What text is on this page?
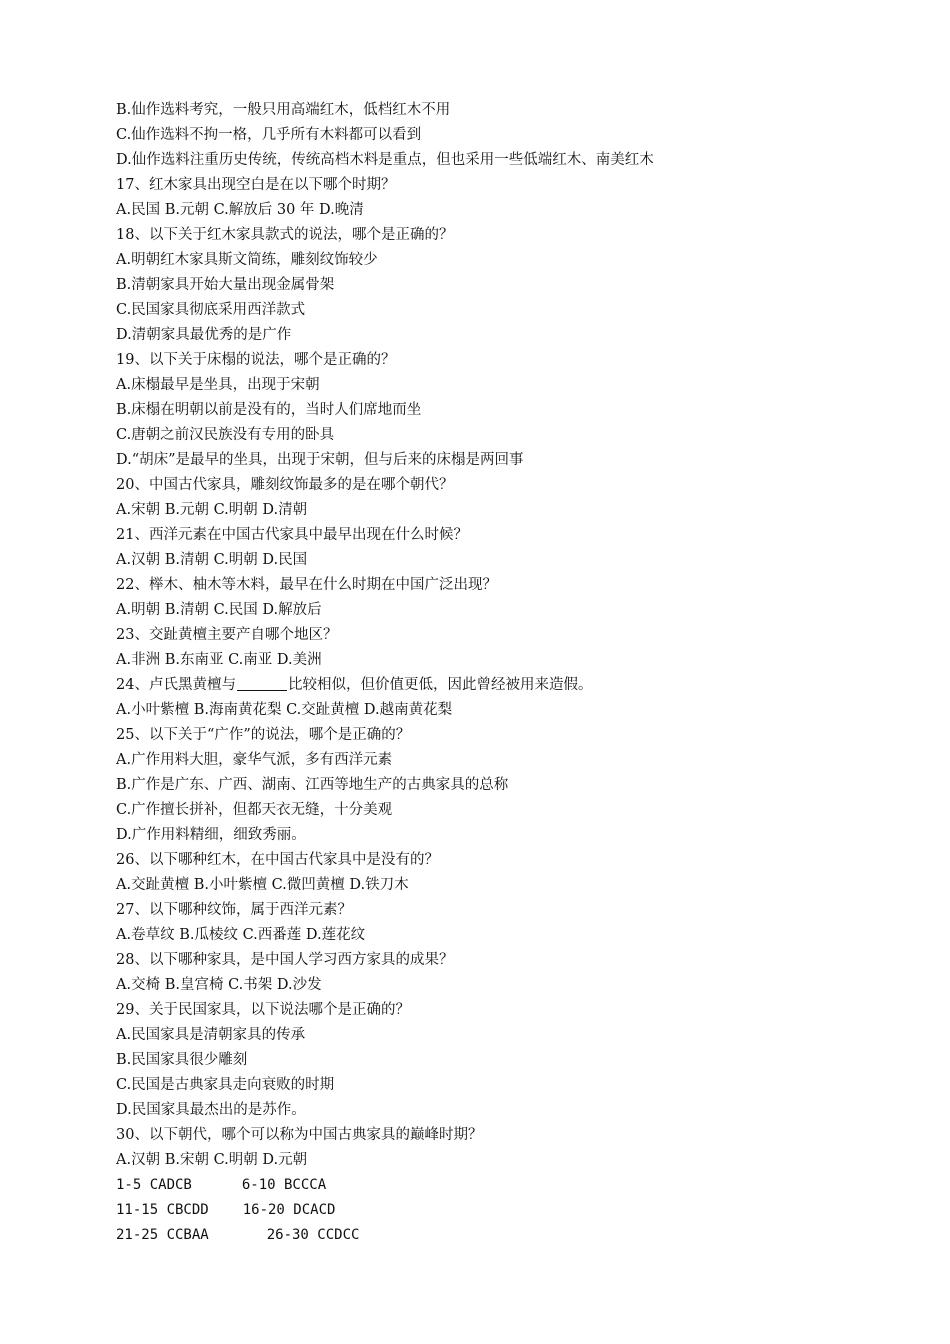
B.仙作选料考究，一般只用高端红木，低档红木不用

C.仙作选料不拘一格，几乎所有木料都可以看到

D.仙作选料注重历史传统，传统高档木料是重点，但也采用一些低端红木、南美红木

17、红木家具出现空白是在以下哪个时期？

A.民国 B.元朝 C.解放后 30 年 D.晚清

18、以下关于红木家具款式的说法，哪个是正确的？

A.明朝红木家具斯文简练，雕刻纹饰较少

B.清朝家具开始大量出现金属骨架

C.民国家具彻底采用西洋款式

D.清朝家具最优秀的是广作

19、以下关于床榻的说法，哪个是正确的？

A.床榻最早是坐具，出现于宋朝

B.床榻在明朝以前是没有的，当时人们席地而坐

C.唐朝之前汉民族没有专用的卧具

D.“胡床”是最早的坐具，出现于宋朝，但与后来的床榻是两回事

20、中国古代家具，雕刻纹饰最多的是在哪个朝代？

A.宋朝 B.元朝 C.明朝 D.清朝

21、西洋元素在中国古代家具中最早出现在什么时候？

A.汉朝 B.清朝 C.明朝 D.民国

22、榉木、柚木等木料，最早在什么时期在中国广泛出现？

A.明朝 B.清朝 C.民国 D.解放后

23、交趾黄檀主要产自哪个地区？

A.非洲 B.东南亚 C.南亚 D.美洲

24、卢氏黑黄檀与	比较相似，但价值更低，因此曾经被用来造假。

A.小叶紫檀 B.海南黄花梨 C.交趾黄檀 D.越南黄花梨

25、以下关于“广作”的说法，哪个是正确的？

A.广作用料大胆，豪华气派，多有西洋元素

B.广作是广东、广西、湖南、江西等地生产的古典家具的总称

C.广作擅长拼补，但都天衣无缝，十分美观

D.广作用料精细，细致秀丽。

26、以下哪种红木，在中国古代家具中是没有的？

A.交趾黄檀 B.小叶紫檀 C.微凹黄檀 D.铁刀木

27、以下哪种纹饰，属于西洋元素？

A.卷草纹 B.瓜棱纹 C.西番莲 D.莲花纹

28、以下哪种家具，是中国人学习西方家具的成果？

A.交椅 B.皇宫椅 C.书架 D.沙发

29、关于民国家具，以下说法哪个是正确的？

A.民国家具是清朝家具的传承

B.民国家具很少雕刻

C.民国是古典家具走向衰败的时期

D.民国家具最杰出的是苏作。

30、以下朝代，哪个可以称为中国古典家具的巅峰时期？

A.汉朝 B.宋朝 C.明朝 D.元朝

1-5 CADCB	6-10 BCCCA

11-15 CBCDD 16-20 DCACD

21-25 CCBAA	26-30 CCDCC
